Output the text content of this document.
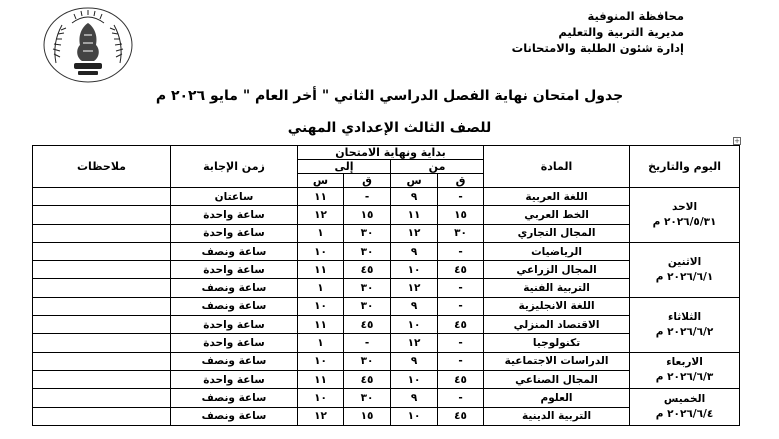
محافظة المنوفية
مديرية التربية والتعليم
إدارة شئون الطلبة والامتحانات
جدول امتحان نهاية الفصل الدراسي الثاني " أخر العام " مايو ٢٠٢٦ م
للصف الثالث الإعدادي المهني
+
اليوم والتاريخ	المادة	بداية ونهاية الامتحان				زمن الإجابة	ملاحظات
		من		إلى			
		ق	س	ق	س		

الاحد
٢٠٢٦/٥/٣١ م	اللغة العربية	-	٩	-	١١	ساعتان	
	الخط العربي	١٥	١١	١٥	١٢	ساعة واحدة	
	المجال التجاري	٣٠	١٢	٣٠	١	ساعة واحدة	

الاثنين
٢٠٢٦/٦/١ م	الرياضيات	-	٩	٣٠	١٠	ساعة ونصف	
	المجال الزراعي	٤٥	١٠	٤٥	١١	ساعة واحدة	
	التربية الفنية	-	١٢	٣٠	١	ساعة ونصف	

الثلاثاء
٢٠٢٦/٦/٢ م	اللغة الانجليزية	-	٩	٣٠	١٠	ساعة ونصف	
	الاقتصاد المنزلي	٤٥	١٠	٤٥	١١	ساعة واحدة	
	تكنولوجيا	-	١٢	-	١	ساعة واحدة	

الاربعاء
٢٠٢٦/٦/٣ م	الدراسات الاجتماعية	-	٩	٣٠	١٠	ساعة ونصف	
	المجال الصناعي	٤٥	١٠	٤٥	١١	ساعة واحدة	

الخميس
٢٠٢٦/٦/٤ م	العلوم	-	٩	٣٠	١٠	ساعة ونصف	
	التربية الدينية	٤٥	١٠	١٥	١٢	ساعة ونصف	
